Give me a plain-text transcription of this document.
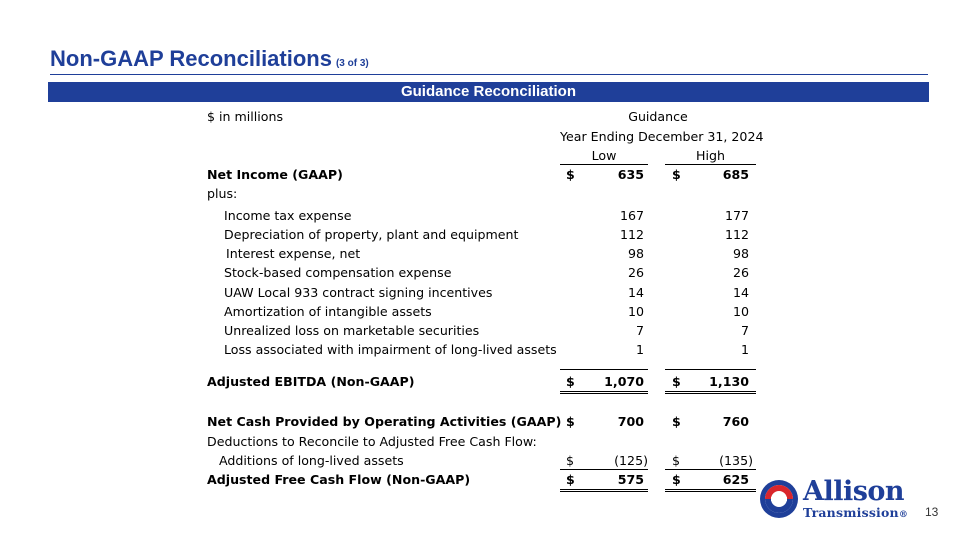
Non-GAAP Reconciliations (3 of 3)
Guidance Reconciliation
$ in millions	Guidance
Year Ending December 31, 2024
Low	High
Net Income (GAAP)	$	635 $	685
plus:
Income tax expense	167	177
Depreciation of property, plant and equipment	112	112
Interest expense, net	98	98
Stock-based compensation expense	26	26
UAW Local 933 contract signing incentives	14	14
Amortization of intangible assets	10	10
Unrealized loss on marketable securities	7	7
Loss associated with impairment of long-lived assets	1	1
Adjusted EBITDA (Non-GAAP)	$ 1,070 $ 1,130
Net Cash Provided by Operating Activities (GAAP) $	700 $	760
Deductions to Reconcile to Adjusted Free Cash Flow:
Additions of long-lived assets	$	(125) $	(135)
Adjusted Free Cash Flow (Non-GAAP)	$	575 $	625 Allison
Transmission® 13
